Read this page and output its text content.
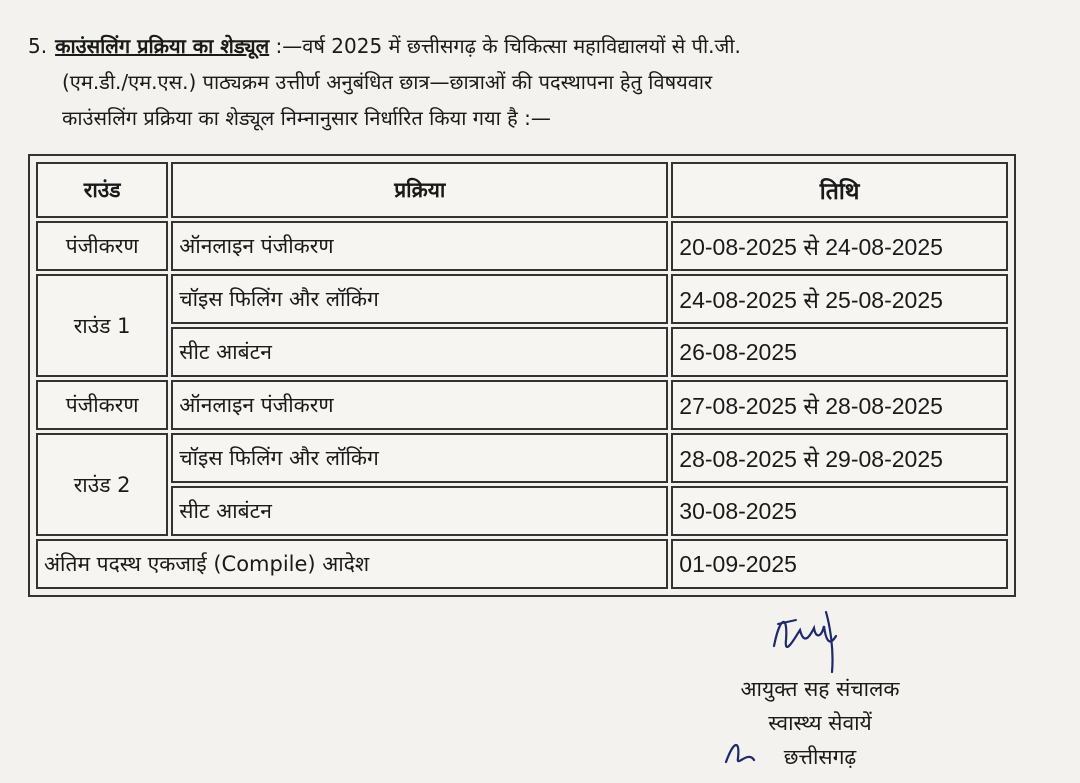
5. काउंसलिंग प्रक्रिया का शेड्यूल :—वर्ष 2025 में छत्तीसगढ़ के चिकित्सा महाविद्यालयों से पी.जी.
(एम.डी./एम.एस.) पाठ्यक्रम उत्तीर्ण अनुबंधित छात्र—छात्राओं की पदस्थापना हेतु विषयवार
काउंसलिंग प्रक्रिया का शेड्यूल निम्नानुसार निर्धारित किया गया है :—
राउंड	प्रक्रिया	तिथि
पंजीकरण	ऑनलाइन पंजीकरण	20-08-2025 से 24-08-2025
राउंड 1	चॉइस फिलिंग और लॉकिंग	24-08-2025 से 25-08-2025
	सीट आबंटन	26-08-2025
पंजीकरण	ऑनलाइन पंजीकरण	27-08-2025 से 28-08-2025
राउंड 2	चॉइस फिलिंग और लॉकिंग	28-08-2025 से 29-08-2025
	सीट आबंटन	30-08-2025
अंतिम पदस्थ एकजाई (Compile) आदेश		01-09-2025
आयुक्त सह संचालक
स्वास्थ्य सेवायें
छत्तीसगढ़
